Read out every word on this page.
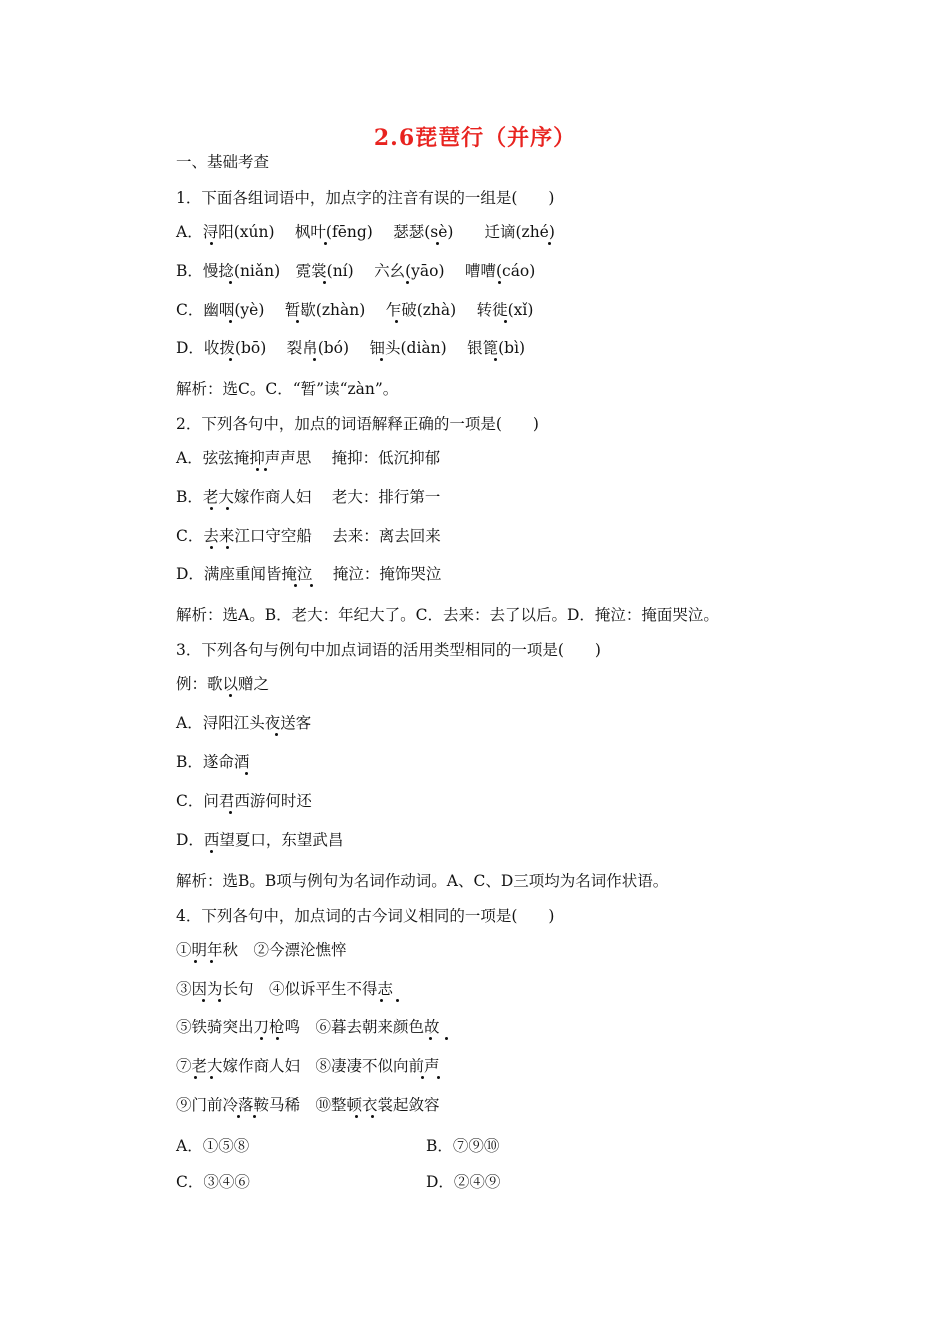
2.6琵琶行（并序）
一、基础考查
1．下面各组词语中，加点字的注音有误的一组是(　　)
A．浔阳(xún)　 枫叶(fēng)　 瑟瑟(sè)　　迁谪(zhé)
B．慢捻(niǎn)　霓裳(ní)　 六幺(yāo)　 嘈嘈(cáo)
C．幽咽(yè)　 暂歇(zhàn)　 乍破(zhà)　 转徙(xǐ)
D．收拨(bō)　 裂帛(bó)　 钿头(diàn)　 银篦(bì)
解析：选C。C．“暂”读“zàn”。
2．下列各句中，加点的词语解释正确的一项是(　　)
A．弦弦掩抑声声思　 掩抑：低沉抑郁
B．老大嫁作商人妇　 老大：排行第一
C．去来江口守空船　 去来：离去回来
D．满座重闻皆掩泣　 掩泣：掩饰哭泣
解析：选A。B．老大：年纪大了。C．去来：去了以后。D．掩泣：掩面哭泣。
3．下列各句与例句中加点词语的活用类型相同的一项是(　　)
例：歌以赠之
A．浔阳江头夜送客
B．遂命酒
C．问君西游何时还
D．西望夏口，东望武昌
解析：选B。B项与例句为名词作动词。A、C、D三项均为名词作状语。
4．下列各句中，加点词的古今词义相同的一项是(　　)
①明年秋　②今漂沦憔悴
③因为长句　④似诉平生不得志
⑤铁骑突出刀枪鸣　⑥暮去朝来颜色故
⑦老大嫁作商人妇　⑧凄凄不似向前声
⑨门前冷落鞍马稀　⑩整顿衣裳起敛容
A．①⑤⑧	B．⑦⑨⑩
C．③④⑥	D．②④⑨
